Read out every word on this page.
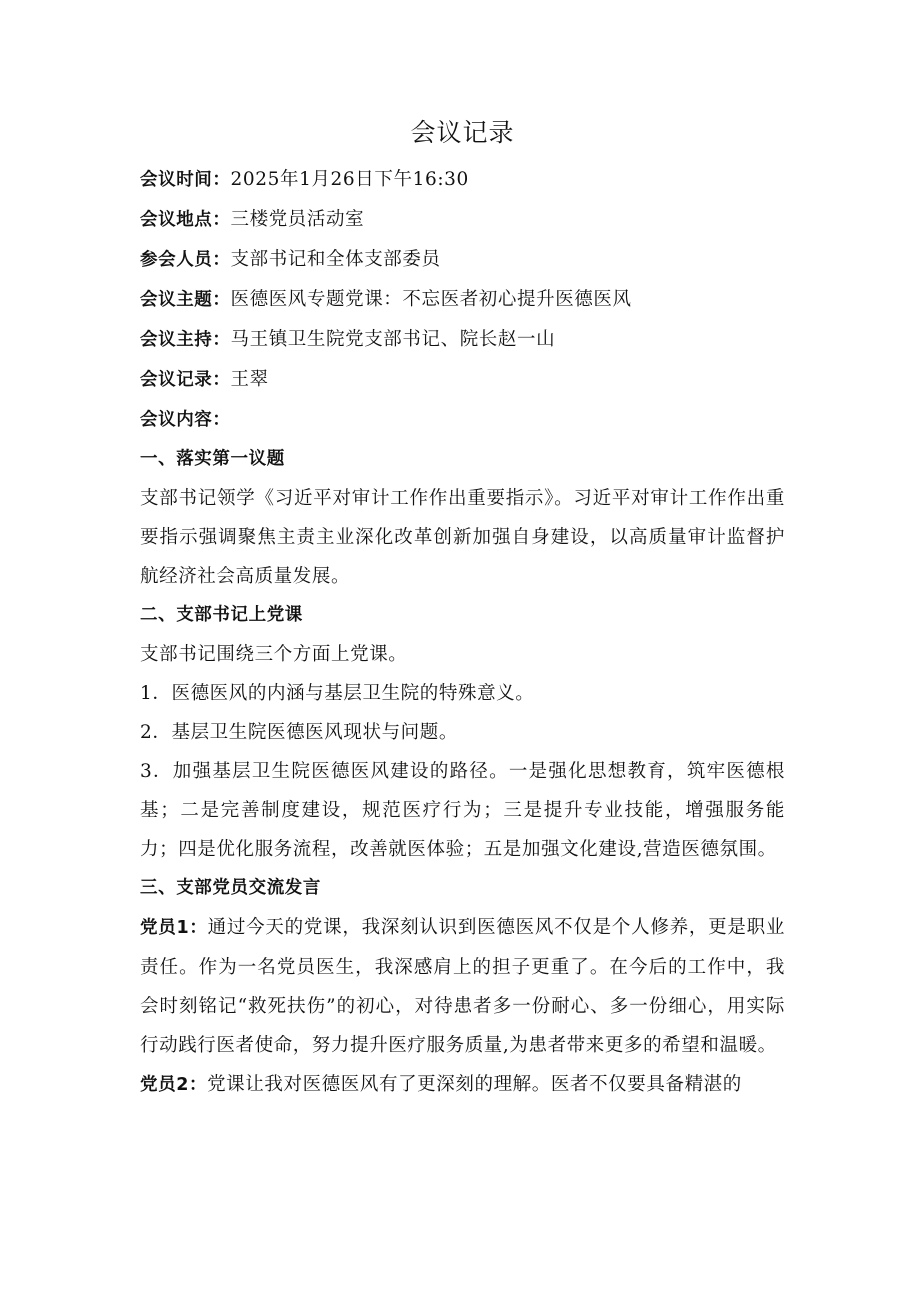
会议记录

会议时间：2025年1月26日下午16:30

会议地点：三楼党员活动室

参会人员：支部书记和全体支部委员

会议主题：医德医风专题党课：不忘医者初心提升医德医风

会议主持：马王镇卫生院党支部书记、院长赵一山

会议记录：王翠

会议内容：

一、落实第一议题

支部书记领学《习近平对审计工作作出重要指示》。习近平对审计工作作出重要指示强调聚焦主责主业深化改革创新加强自身建设，以高质量审计监督护航经济社会高质量发展。

二、支部书记上党课

支部书记围绕三个方面上党课。

1．医德医风的内涵与基层卫生院的特殊意义。

2．基层卫生院医德医风现状与问题。

3．加强基层卫生院医德医风建设的路径。一是强化思想教育，筑牢医德根基；二是完善制度建设，规范医疗行为；三是提升专业技能，增强服务能力；四是优化服务流程，改善就医体验；五是加强文化建设,营造医德氛围。

三、支部党员交流发言

党员1：通过今天的党课，我深刻认识到医德医风不仅是个人修养，更是职业责任。作为一名党员医生，我深感肩上的担子更重了。在今后的工作中，我会时刻铭记“救死扶伤”的初心，对待患者多一份耐心、多一份细心，用实际行动践行医者使命，努力提升医疗服务质量,为患者带来更多的希望和温暖。

党员2：党课让我对医德医风有了更深刻的理解。医者不仅要具备精湛的
